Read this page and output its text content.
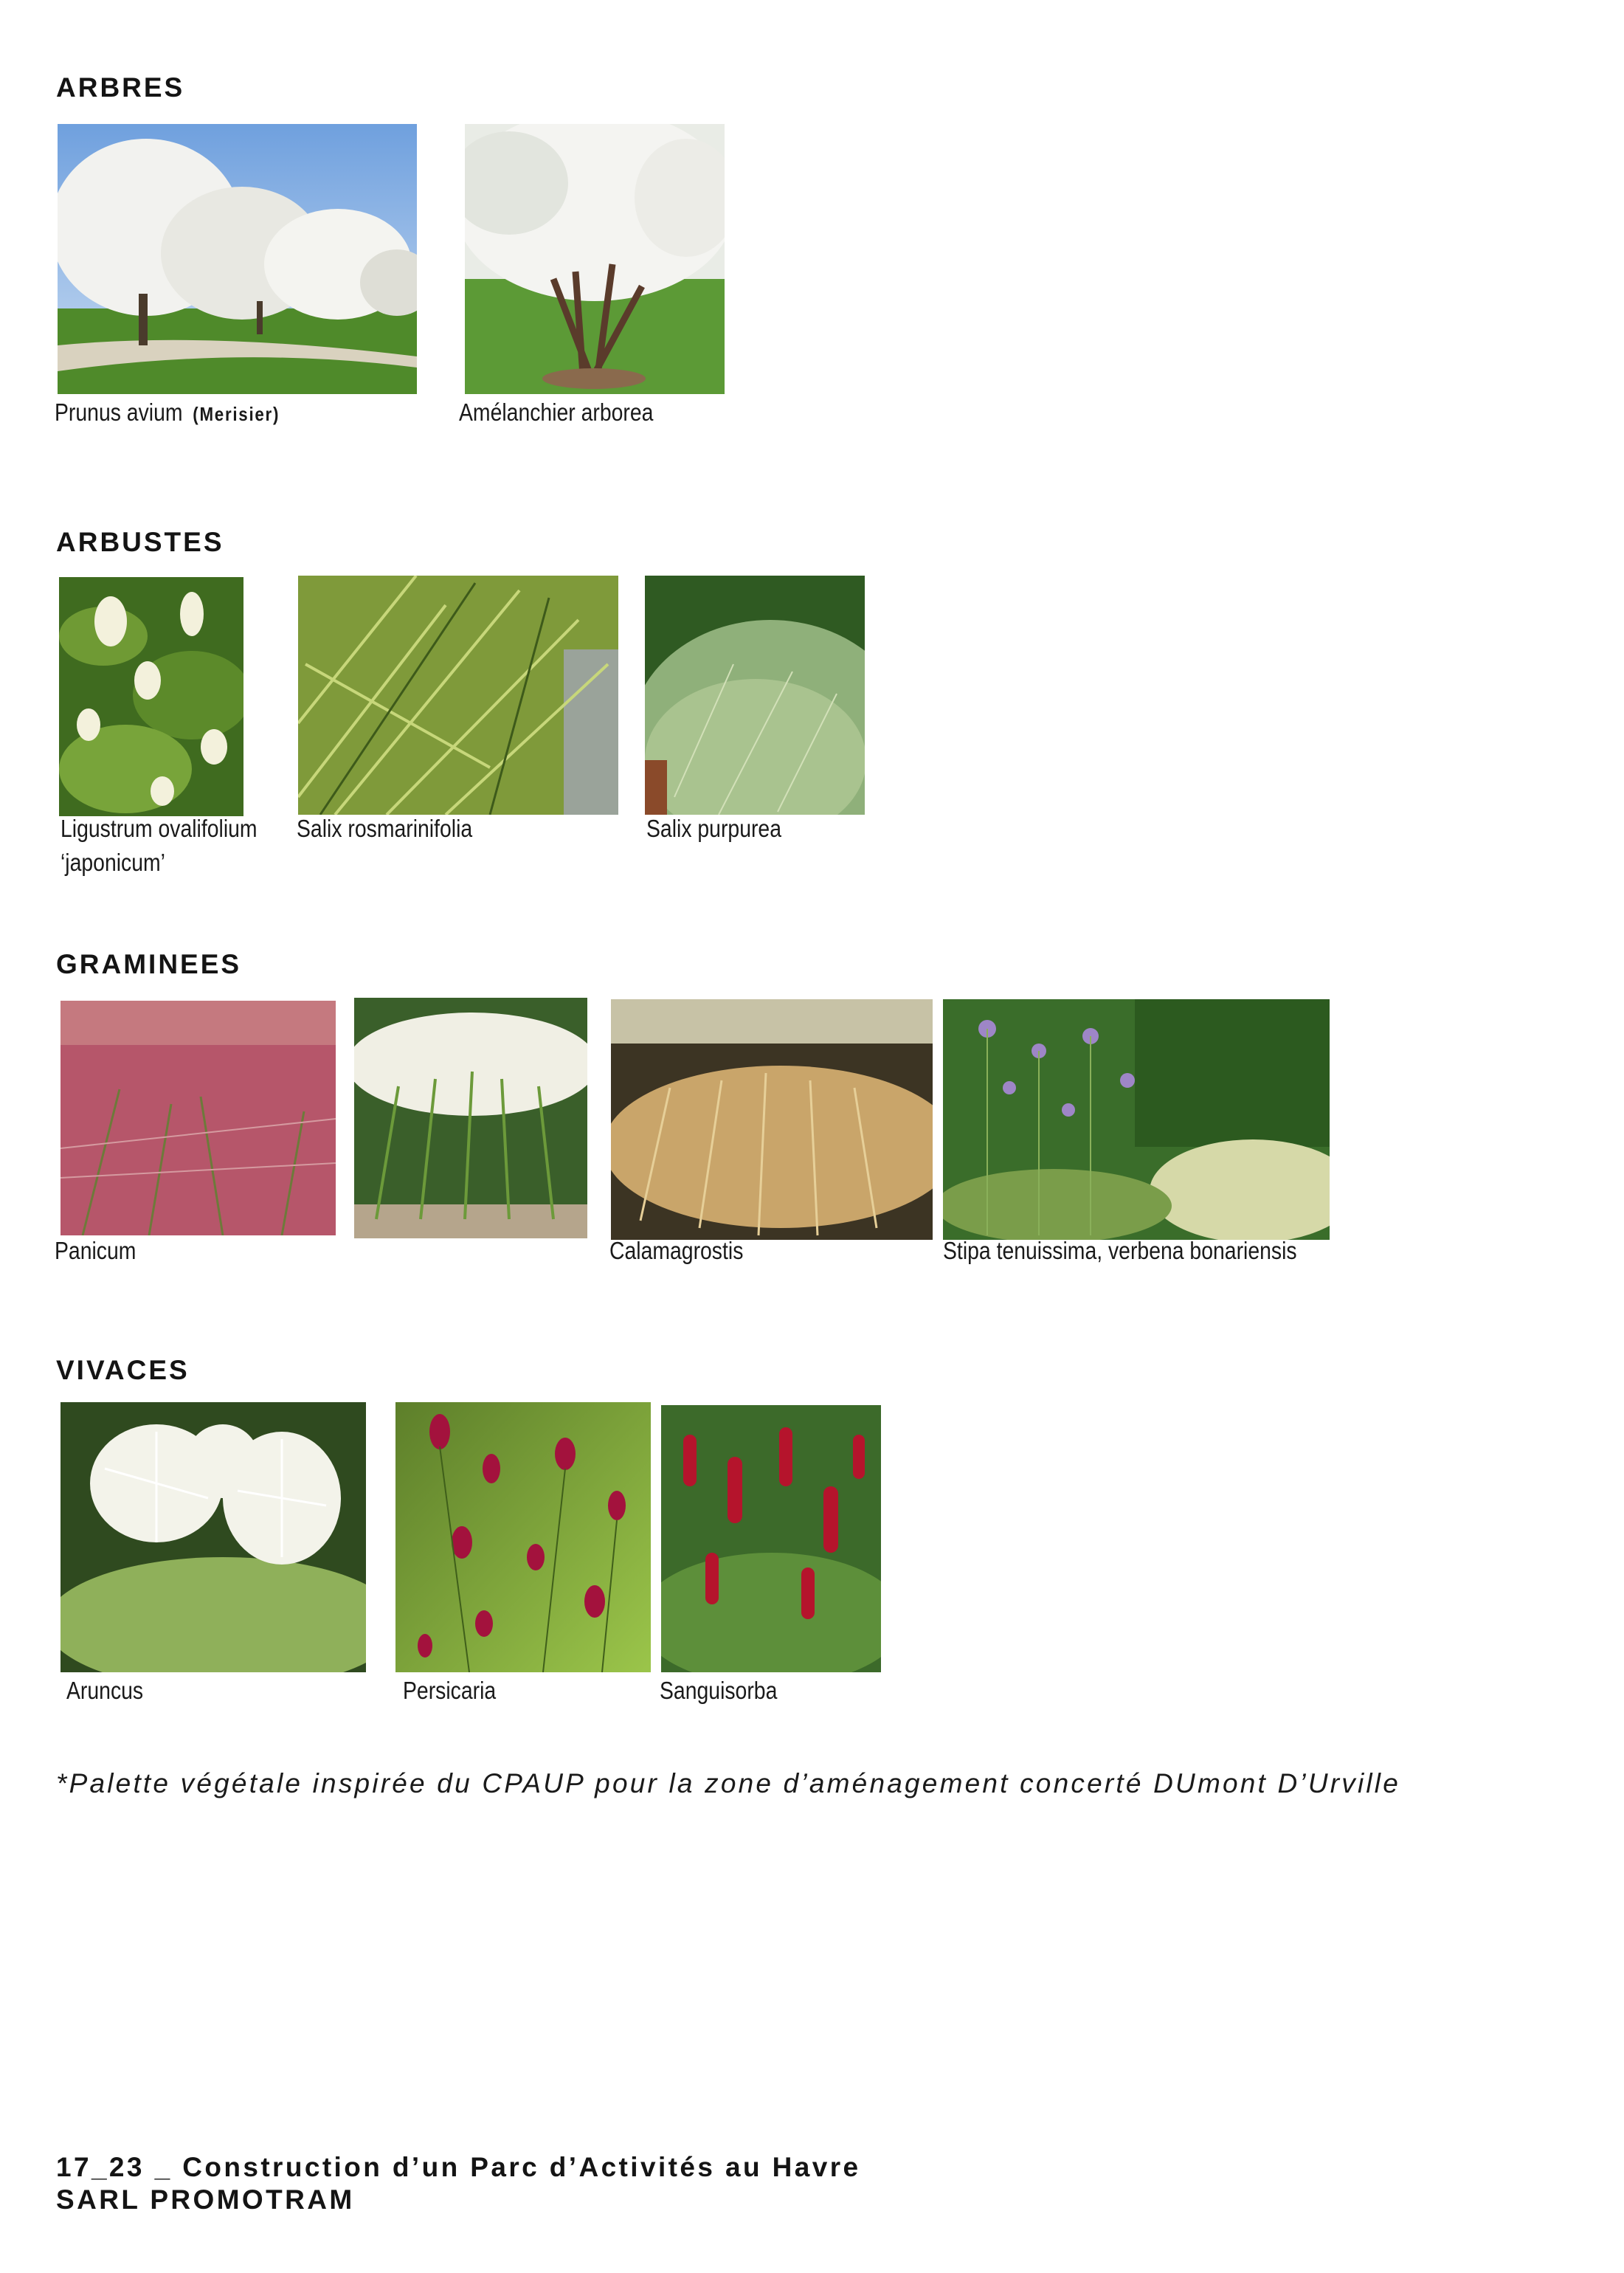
ARBRES
Prunus avium (Merisier)	Amélanchier arborea
ARBUSTES
Ligustrum ovalifolium
‘japonicum’
Salix rosmarinifolia	Salix purpurea
GRAMINEES
Panicum	Calamagrostis	Stipa tenuissima, verbena bonariensis
VIVACES
Aruncus	Persicaria	Sanguisorba
*Palette végétale inspirée du CPAUP pour la zone d’aménagement concerté DUmont D’Urville
17_23 _ Construction d’un Parc d’Activités au Havre
SARL PROMOTRAM
